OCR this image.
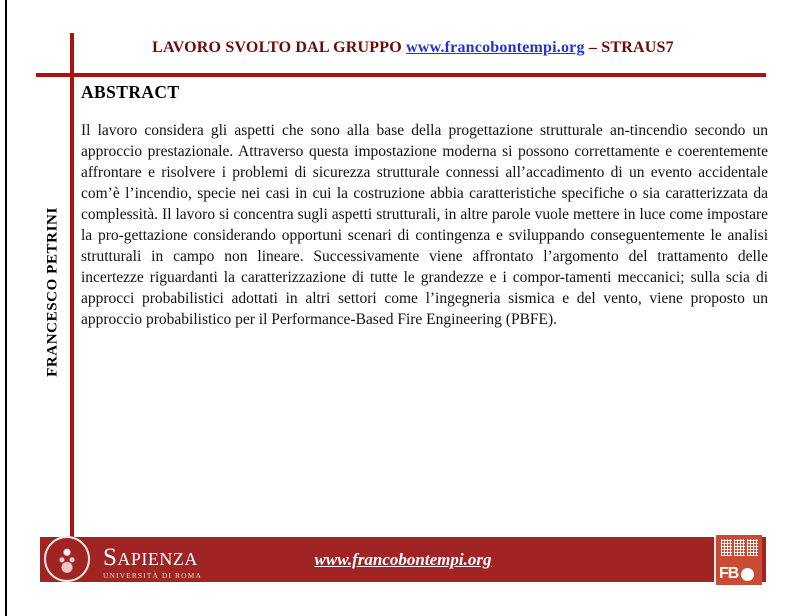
LAVORO SVOLTO DAL GRUPPO www.francobontempi.org – STRAUS7
FRANCESCO PETRINI
ABSTRACT

Il lavoro considera gli aspetti che sono alla base della progettazione strutturale an-tincendio secondo un approccio prestazionale. Attraverso questa impostazione moderna si possono correttamente e coerentemente affrontare e risolvere i problemi di sicurezza strutturale connessi all’accadimento di un evento accidentale com’è l’incendio, specie nei casi in cui la costruzione abbia caratteristiche specifiche o sia caratterizzata da complessità. Il lavoro si concentra sugli aspetti strutturali, in altre parole vuole mettere in luce come impostare la pro-gettazione considerando opportuni scenari di contingenza e sviluppando conseguentemente le analisi strutturali in campo non lineare. Successivamente viene affrontato l’argomento del trattamento delle incertezze riguardanti la caratterizzazione di tutte le grandezze e i compor-tamenti meccanici; sulla scia di approcci probabilistici adottati in altri settori come l’ingegneria sismica e del vento, viene proposto un approccio probabilistico per il Performance-Based Fire Engineering (PBFE).

Sapienza
UNIVERSITÀ DI ROMA
www.francobontempi.org
FB
